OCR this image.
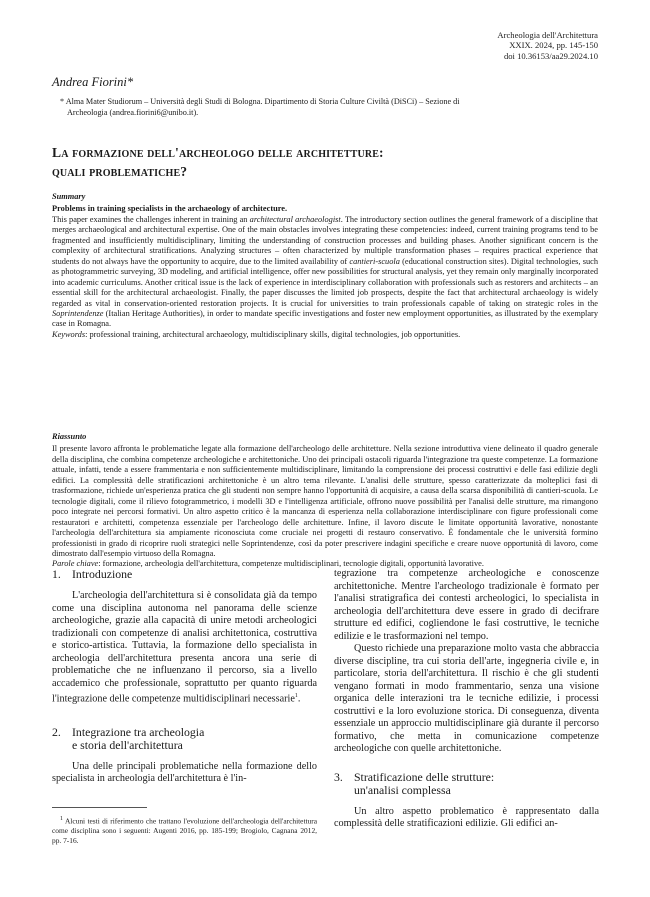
Archeologia dell'Architettura
XXIX. 2024, pp. 145-150
doi 10.36153/aa29.2024.10
Andrea Fiorini*
* Alma Mater Studiorum – Università degli Studi di Bologna. Dipartimento di Storia Culture Civiltà (DiSCi) – Sezione di
Archeologia (andrea.fiorini6@unibo.it).
La formazione dell'archeologo delle architetture:
quali problematiche?
Summary
Problems in training specialists in the archaeology of architecture.
This paper examines the challenges inherent in training an architectural archaeologist. The introductory section outlines the general framework of a discipline that merges archaeological and architectural expertise. One of the main obstacles involves integrating these competencies: indeed, current training programs tend to be fragmented and insufficiently multidisciplinary, limiting the understanding of construction processes and building phases. Another significant concern is the complexity of architectural stratifications. Analyzing structures – often characterized by multiple transformation phases – requires practical experience that students do not always have the opportunity to acquire, due to the limited availability of cantieri-scuola (educational construction sites). Digital technologies, such as photogrammetric surveying, 3D modeling, and artificial intelligence, offer new possibilities for structural analysis, yet they remain only marginally incorporated into academic curriculums. Another critical issue is the lack of experience in interdisciplinary collaboration with professionals such as restorers and architects – an essential skill for the architectural archaeologist. Finally, the paper discusses the limited job prospects, despite the fact that architectural archaeology is widely regarded as vital in conservation-oriented restoration projects. It is crucial for universities to train professionals capable of taking on strategic roles in the Soprintendenze (Italian Heritage Authorities), in order to mandate specific investigations and foster new employment opportunities, as illustrated by the exemplary case in Romagna.
Keywords: professional training, architectural archaeology, multidisciplinary skills, digital technologies, job opportunities.
Riassunto
Il presente lavoro affronta le problematiche legate alla formazione dell'archeologo delle architetture. Nella sezione introduttiva viene delineato il quadro generale della disciplina, che combina competenze archeologiche e architettoniche. Uno dei principali ostacoli riguarda l'integrazione tra queste competenze. La formazione attuale, infatti, tende a essere frammentaria e non sufficientemente multidisciplinare, limitando la comprensione dei processi costruttivi e delle fasi edilizie degli edifici. La complessità delle stratificazioni architettoniche è un altro tema rilevante. L'analisi delle strutture, spesso caratterizzate da molteplici fasi di trasformazione, richiede un'esperienza pratica che gli studenti non sempre hanno l'opportunità di acquisire, a causa della scarsa disponibilità di cantieri-scuola. Le tecnologie digitali, come il rilievo fotogrammetrico, i modelli 3D e l'intelligenza artificiale, offrono nuove possibilità per l'analisi delle strutture, ma rimangono poco integrate nei percorsi formativi. Un altro aspetto critico è la mancanza di esperienza nella collaborazione interdisciplinare con figure professionali come restauratori e architetti, competenza essenziale per l'archeologo delle architetture. Infine, il lavoro discute le limitate opportunità lavorative, nonostante l'archeologia dell'architettura sia ampiamente riconosciuta come cruciale nei progetti di restauro conservativo. È fondamentale che le università formino professionisti in grado di ricoprire ruoli strategici nelle Soprintendenze, così da poter prescrivere indagini specifiche e creare nuove opportunità di lavoro, come dimostrato dall'esempio virtuoso della Romagna.
Parole chiave: formazione, archeologia dell'architettura, competenze multidisciplinari, tecnologie digitali, opportunità lavorative.
1. Introduzione
L'archeologia dell'architettura si è consolidata già da tempo come una disciplina autonoma nel panorama delle scienze archeologiche, grazie alla capacità di unire metodi archeologici tradizionali con competenze di analisi architettonica, costruttiva e storico-artistica. Tuttavia, la formazione dello specialista in archeologia dell'architettura presenta ancora una serie di problematiche che ne influenzano il percorso, sia a livello accademico che professionale, soprattutto per quanto riguarda l'integrazione delle competenze multidisciplinari necessarie$^1$.
2. Integrazione tra archeologia
e storia dell'architettura
Una delle principali problematiche nella formazione dello specialista in archeologia dell'architettura è l'in-
$^1$ Alcuni testi di riferimento che trattano l'evoluzione dell'archeologia dell'architettura come disciplina sono i seguenti: Augenti 2016, pp. 185-199; Brogiolo, Cagnana 2012, pp. 7-16.
tegrazione tra competenze archeologiche e conoscenze architettoniche. Mentre l'archeologo tradizionale è formato per l'analisi stratigrafica dei contesti archeologici, lo specialista in archeologia dell'architettura deve essere in grado di decifrare strutture ed edifici, cogliendone le fasi costruttive, le tecniche edilizie e le trasformazioni nel tempo.
Questo richiede una preparazione molto vasta che abbraccia diverse discipline, tra cui storia dell'arte, ingegneria civile e, in particolare, storia dell'architettura. Il rischio è che gli studenti vengano formati in modo frammentario, senza una visione organica delle interazioni tra le tecniche edilizie, i processi costruttivi e la loro evoluzione storica. Di conseguenza, diventa essenziale un approccio multidisciplinare già durante il percorso formativo, che metta in comunicazione competenze archeologiche con quelle architettoniche.
3. Stratificazione delle strutture:
un'analisi complessa
Un altro aspetto problematico è rappresentato dalla complessità delle stratificazioni edilizie. Gli edifici an-
